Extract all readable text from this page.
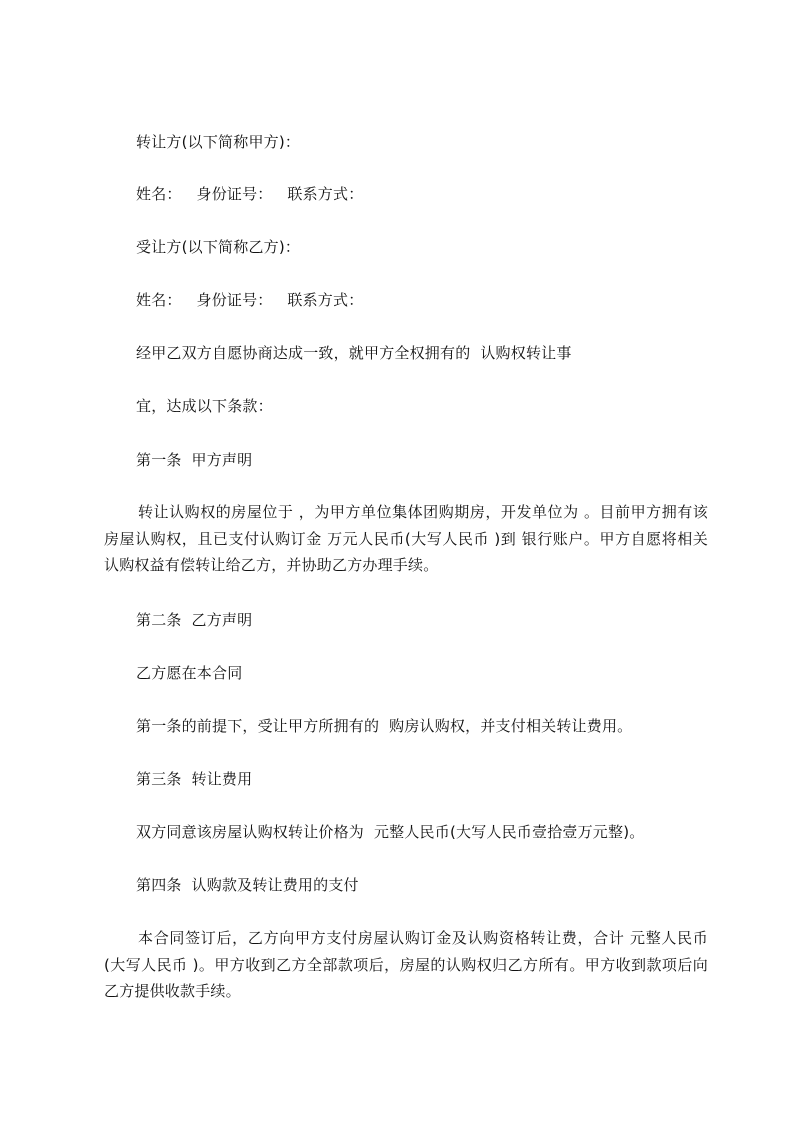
转让方(以下简称甲方)：
姓名：   身份证号：   联系方式：
受让方(以下简称乙方)：
姓名：   身份证号：   联系方式：
经甲乙双方自愿协商达成一致，就甲方全权拥有的  认购权转让事
宜，达成以下条款：
第一条  甲方声明
转让认购权的房屋位于 ，为甲方单位集体团购期房，开发单位为 。目前甲方拥有该房屋认购权，且已支付认购订金 万元人民币(大写人民币 )到 银行账户。甲方自愿将相关认购权益有偿转让给乙方，并协助乙方办理手续。
第二条  乙方声明
乙方愿在本合同
第一条的前提下，受让甲方所拥有的  购房认购权，并支付相关转让费用。
第三条  转让费用
双方同意该房屋认购权转让价格为  元整人民币(大写人民币壹拾壹万元整)。
第四条  认购款及转让费用的支付
本合同签订后，乙方向甲方支付房屋认购订金及认购资格转让费，合计 元整人民币(大写人民币 )。甲方收到乙方全部款项后，房屋的认购权归乙方所有。甲方收到款项后向乙方提供收款手续。
